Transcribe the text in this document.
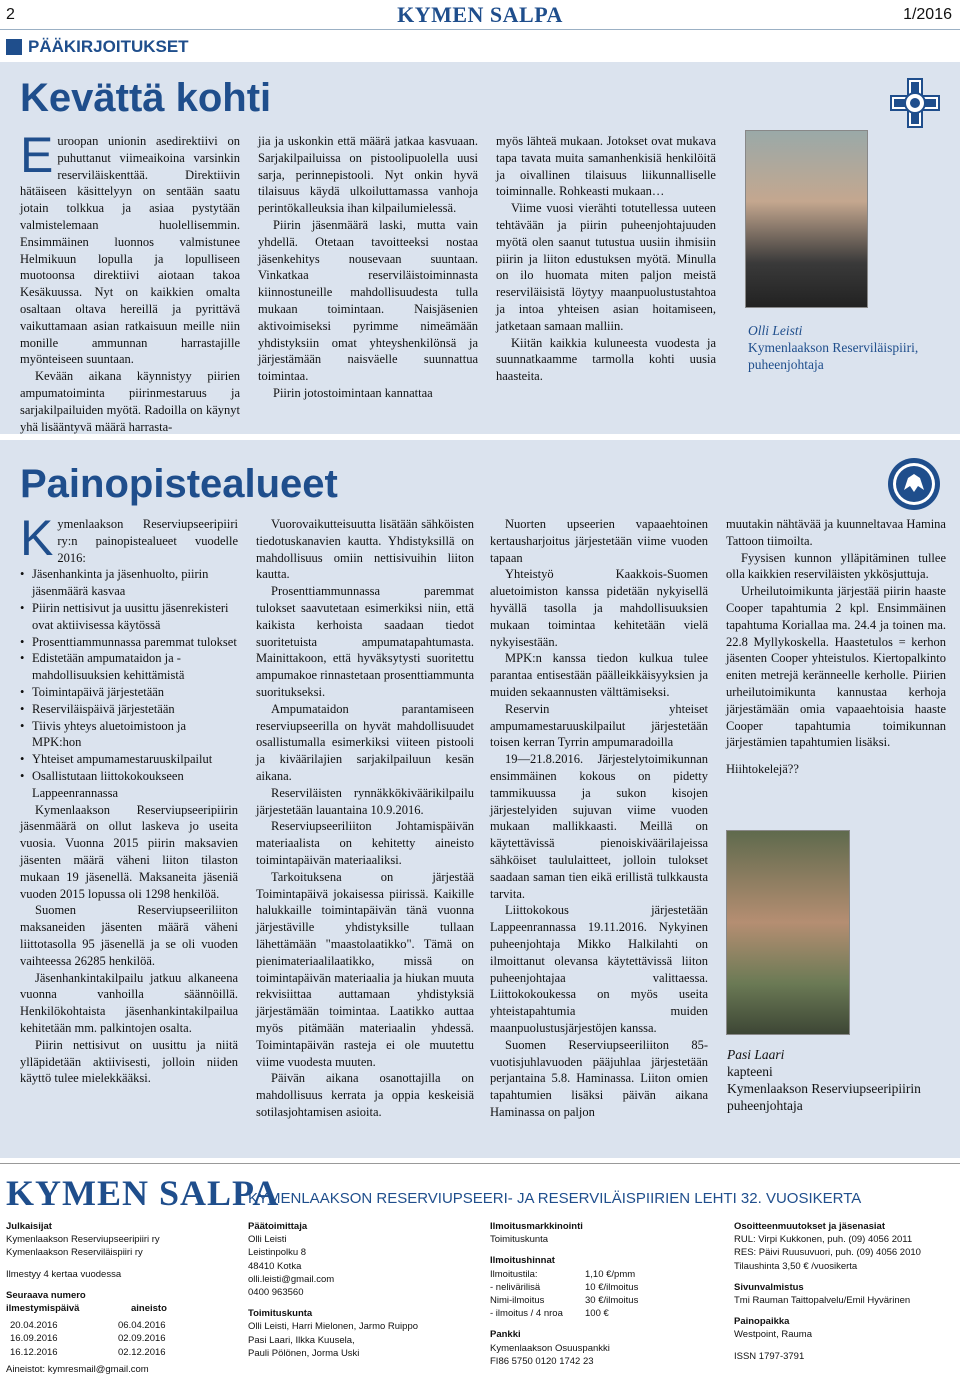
2	KYMEN SALPA	1/2016
PÄÄKIRJOITUKSET
Kevättä kohti
E uroopan unionin asedirektiivi on puhuttanut viimeaikoina varsinkin reserviläiskenttää. Direktiivin hätäiseen käsittelyyn on sentään saatu jotain tolkkua ja asiaa pystytään valmistelemaan huolellisemmin. Ensimmäinen luonnos valmistunee Helmikuun lopulla ja lopulliseen muotoonsa direktiivi aiotaan takoa Kesäkuussa. Nyt on kaikkien omalta osaltaan oltava hereillä ja pyrittävä vaikuttamaan asian ratkaisuun meille niin monille ammunnan harrastajille myönteiseen suuntaan.

Kevään aikana käynnistyy piirien ampumatoiminta piirinmestaruus ja sarjakilpailuiden myötä. Radoilla on käynyt yhä lisääntyvä määrä harrasta-

jia ja uskonkin että määrä jatkaa kasvuaan. Sarjakilpailuissa on pistoolipuolella uusi sarja, perinnepistooli. Nyt onkin hyvä tilaisuus käydä ulkoiluttamassa vanhoja perintökalleuksia ihan kilpailumielessä.

Piirin jäsenmäärä laski, mutta vain yhdellä. Otetaan tavoitteeksi nostaa jäsenkehitys nousevaan suuntaan. Vinkatkaa reserviläistoiminnasta kiinnostuneille mahdollisuudesta tulla mukaan toimintaan. Naisjäsenien aktivoimiseksi pyrimme nimeämään yhdistyksiin omat yhteyshenkilönsä ja järjestämään naisväelle suunnattua toimintaa.

Piirin jotostoimintaan kannattaa

myös lähteä mukaan. Jotokset ovat mukava tapa tavata muita samanhenkisiä henkilöitä ja oivallinen tilaisuus liikunnalliselle toiminnalle. Rohkeasti mukaan…

Viime vuosi vierähti totutellessa uuteen tehtävään ja piirin puheenjohtajuuden myötä olen saanut tutustua uusiin ihmisiin piirin ja liiton edustuksen myötä. Minulla on ilo huomata miten paljon meistä reserviläisistä löytyy maanpuolustustahtoa ja intoa yhteisen asian hoitamiseen, jatketaan samaan malliin.

Kiitän kaikkia kuluneesta vuodesta ja suunnatkaamme tarmolla kohti uusia haasteita.

Olli Leisti
Kymenlaakson Reserviläispiiri,
puheenjohtaja
Painopistealueet
K ymenlaakson Reserviupseeripiiri ry:n painopistealueet vuodelle 2016:

• Jäsenhankinta ja jäsenhuolto, piirin jäsenmäärä kasvaa
• Piirin nettisivut ja uusittu jäsenrekisteri ovat aktiivisessa käytössä
• Prosenttiammunnassa paremmat tulokset
• Edistetään ampumataidon ja - mahdollisuuksien kehittämistä
• Toimintapäivä järjestetään
• Reserviläispäivä järjestetään
• Tiivis yhteys aluetoimistoon ja MPK:hon
• Yhteiset ampumamestaruuskilpailut
• Osallistutaan liittokokoukseen Lappeenrannassa

Kymenlaakson Reserviupseeripiirin jäsenmäärä on ollut laskeva jo useita vuosia. Vuonna 2015 piirin maksavien jäsenten määrä väheni liiton tilaston mukaan 19 jäsenellä. Maksaneita jäseniä vuoden 2015 lopussa oli 1298 henkilöä.

Suomen Reserviupseeriliiton maksaneiden jäsenten määrä väheni liittotasolla 95 jäsenellä ja se oli vuoden vaihteessa 26285 henkilöä.

Jäsenhankintakilpailu jatkuu alkaneena vuonna vanhoilla säännöillä. Henkilökohtaista jäsenhankintakilpailua kehitetään mm. palkintojen osalta.

Piirin nettisivut on uusittu ja niitä ylläpidetään aktiivisesti, jolloin niiden käyttö tulee mielekkääksi.

Vuorovaikutteisuutta lisätään sähköisten tiedotuskanavien kautta. Yhdistyksillä on mahdollisuus omiin nettisivuihin liiton kautta.

Prosenttiammunnassa paremmat tulokset saavutetaan esimerkiksi niin, että kaikista kerhoista saadaan tiedot suoritetuista ampumatapahtumasta. Mainittakoon, että hyväksytysti suoritettu ampumakoe rinnastetaan prosenttiammunta suoritukseksi.

Ampumataidon parantamiseen reserviupseerilla on hyvät mahdollisuudet osallistumalla esimerkiksi viiteen pistooli ja kiväärilajien sarjakilpailuun kesän aikana.

Reserviläisten rynnäkkökiväärikilpailu järjestetään lauantaina 10.9.2016.

Reserviupseeriliiton Johtamispäivän materiaalista on kehitetty aineisto toimintapäivän materiaaliksi.

Tarkoituksena on järjestää Toimintapäivä jokaisessa piirissä. Kaikille halukkaille toimintapäivän tänä vuonna järjestäville yhdistyksille tullaan lähettämään "maastolaatikko". Tämä on pienimateriaalilaatikko, missä on toimintapäivän materiaalia ja hiukan muuta rekvisiittaa auttamaan yhdistyksiä järjestämään toimintaa. Laatikko auttaa myös pitämään materiaalin yhdessä. Toimintapäivän rasteja ei ole muutettu viime vuodesta muuten.

Päivän aikana osanottajilla on mahdollisuus kerrata ja oppia keskeisiä sotilasjohtamisen asioita.

Nuorten upseerien vapaaehtoinen kertausharjoitus järjestetään viime vuoden tapaan

Yhteistyö Kaakkois-Suomen aluetoimiston kanssa pidetään nykyisellä hyvällä tasolla ja mahdollisuuksien mukaan toimintaa kehitetään vielä nykyisestään.

MPK:n kanssa tiedon kulkua tulee parantaa entisestään päälleikkäisyyksien ja muiden sekaannusten välttämiseksi.

Reservin yhteiset ampumamestaruuskilpailut järjestetään toisen kerran Tyrrin ampumaradoilla

19—21.8.2016. Järjestelytoimikunnan ensimmäinen kokous on pidetty tammikuussa ja sukon kisojen järjestelyiden sujuvan viime vuoden mukaan mallikkaasti. Meillä on käytettävissä pienoiskiväärilajeissa sähköiset taululaitteet, jolloin tulokset saadaan saman tien eikä erillistä tulkkausta tarvita.

Liittokokous järjestetään Lappeenrannassa 19.11.2016. Nykyinen puheenjohtaja Mikko Halkilahti on ilmoittanut olevansa käytettävissä liiton puheenjohtajaa valittaessa. Liittokokoukessa on myös useita yhteistapahtumia muiden maanpuolustusjärjestöjen kanssa.

Suomen Reserviupseeriliiton 85-vuotisjuhlavuoden pääjuhlaa järjestetään perjantaina 5.8. Haminassa. Liiton omien tapahtumien lisäksi päivän aikana Haminassa on paljon

muutakin nähtävää ja kuunneltavaa Hamina Tattoon tiimoilta.

Fyysisen kunnon ylläpitäminen tullee olla kaikkien reserviläisten ykkösjuttuja.

Urheilutoimikunta järjestää piirin haaste Cooper tapahtumia 2 kpl. Ensimmäinen tapahtuma Koriallaa ma. 24.4 ja toinen ma. 22.8 Myllykoskella. Haastetulos = kerhon jäsenten Cooper yhteistulos. Kiertopalkinto eniten metrejä keränneelle kerholle. Piirien urheilutoimikunta kannustaa kerhoja järjestämään omia vapaaehtoisia haaste Cooper tapahtumia toimikunnan järjestämien tapahtumien lisäksi.

Hiihtokelejä??

Pasi Laari
kapteeni
Kymenlaakson Reserviupseeripiirin
puheenjohtaja
KYMEN SALPA
KYMENLAAKSON RESERVIUPSEERI- JA RESERVILÄISPIIRIEN LEHTI 32. VUOSIKERTA
Julkaisijat
Kymenlaakson Reserviupseeripiiri ry
Kymenlaakson Reserviläispiiri ry
Ilmestyy 4 kertaa vuodessa
Seuraava numero
ilmestymispäivä	aineisto
20.04.2016	06.04.2016
16.09.2016	02.09.2016
16.12.2016	02.12.2016
Aineistot: kymresmail@gmail.com
Päätoimittaja
Olli Leisti
Leistinpolku 8
48410 Kotka
olli.leisti@gmail.com
0400 963560
Toimituskunta
Olli Leisti, Harri Mielonen, Jarmo Ruippo
Pasi Laari, Ilkka Kuusela,
Pauli Pölönen, Jorma Uski
Ilmoitusmarkkinointi
Toimituskunta
Ilmoitushinnat
Ilmoitustila:	1,10 €/pmm
- nelivärilisä	10 €/ilmoitus
Nimi-ilmoitus	30 €/ilmoitus
- ilmoitus / 4 nroa	100 €
Pankki
Kymenlaakson Osuuspankki
FI86 5750 0120 1742 23
Osoitteenmuutokset ja jäsenasiat
RUL: Virpi Kukkonen, puh. (09) 4056 2011
RES: Päivi Ruusuvuori, puh. (09) 4056 2010
Tilaushinta 3,50 € /vuosikerta
Sivunvalmistus
Tmi Rauman Taittopalvelu/Emil Hyvärinen
Painopaikka
Westpoint, Rauma
ISSN 1797-3791
